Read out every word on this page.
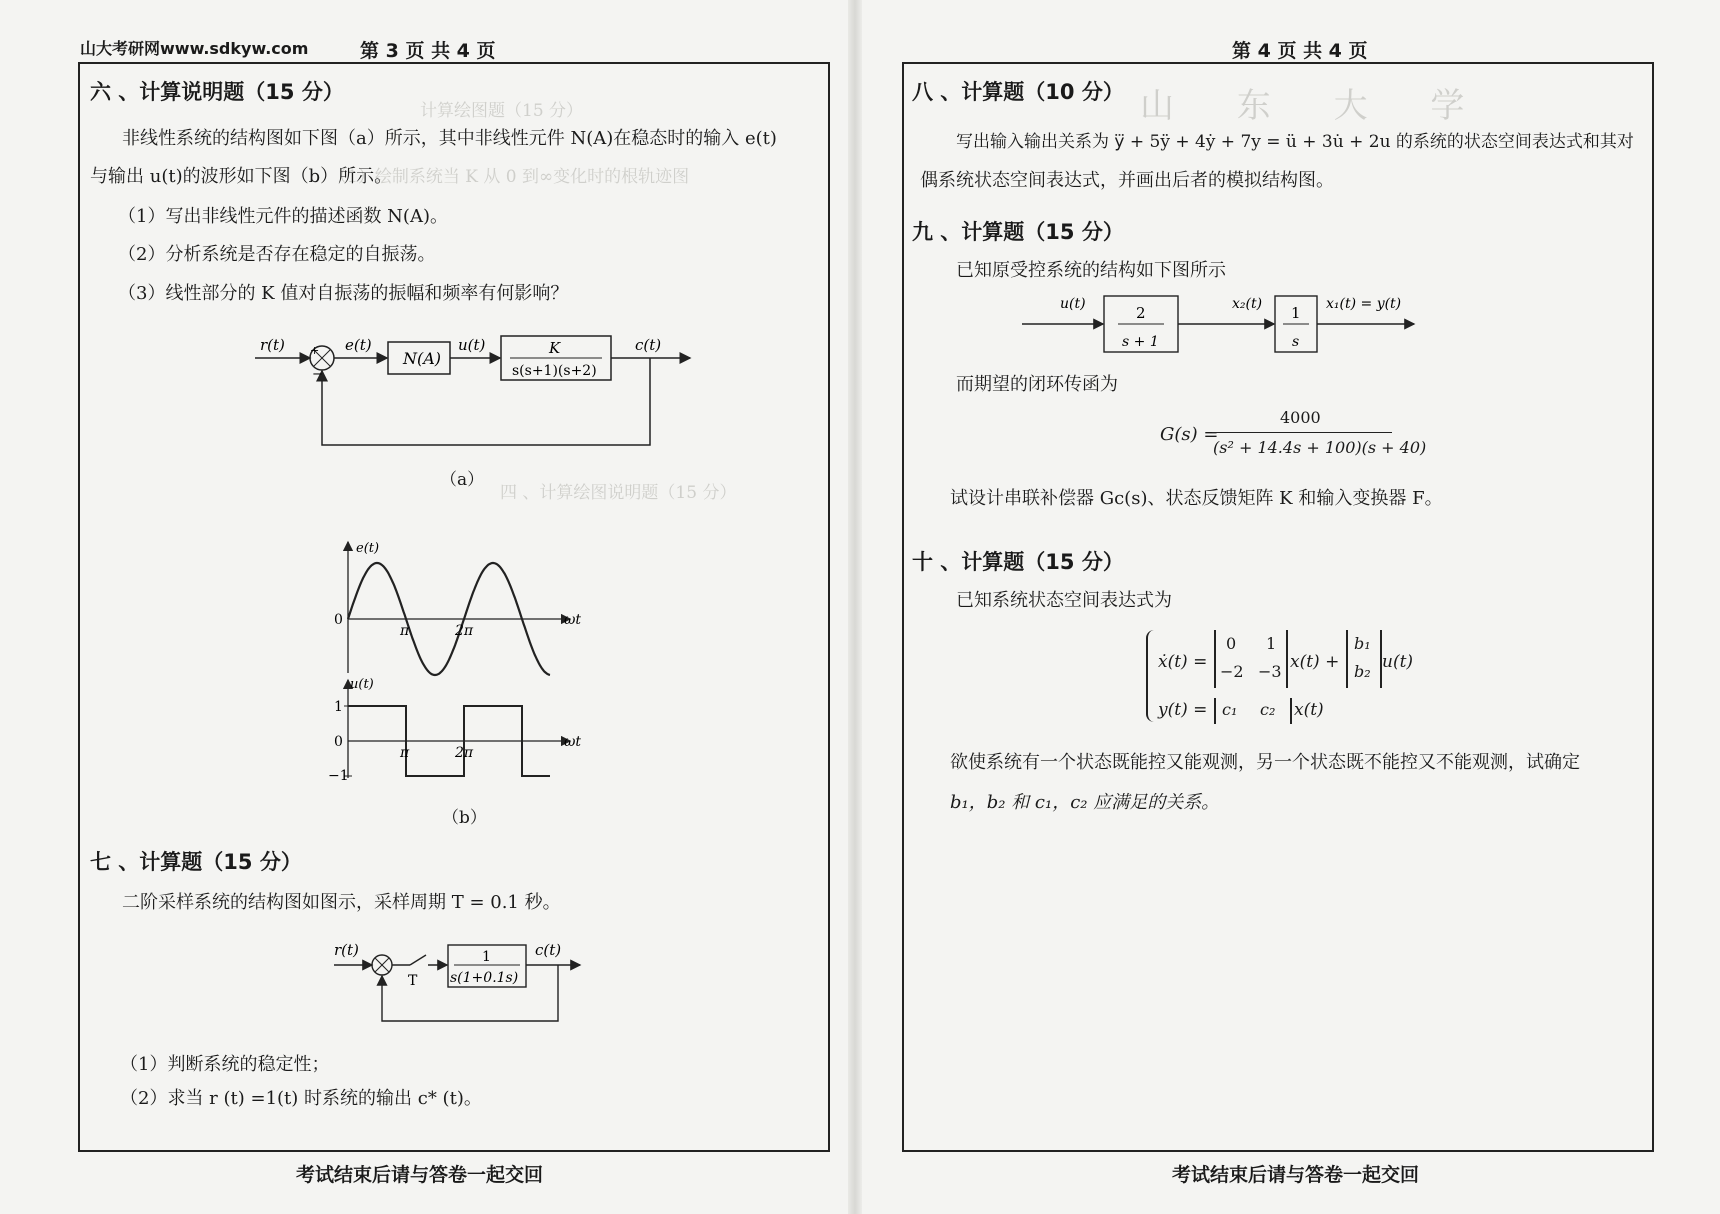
计算绘图题（15 分）
（1）绘制系统当 K 从 0 到∞变化时的根轨迹图
四 、计算绘图说明题（15 分）
山 东 大 学
山大考研网www.sdkyw.com	第 3 页 共 4 页
六 、计算说明题（15 分）
非线性系统的结构图如下图（a）所示，其中非线性元件 N(A)在稳态时的输入 e(t)
与输出 u(t)的波形如下图（b）所示。
（1）写出非线性元件的描述函数 N(A)。
（2）分析系统是否存在稳定的自振荡。
（3）线性部分的 K 值对自振荡的振幅和频率有何影响？
r(t) +
−
e(t)
N(A)
u(t)	K
s(s+1)(s+2)
c(t)
（a）
e(t)
0
π	2π
ωt
u(t)
1
0
−1
π	2π
ωt
（b）
七 、计算题（15 分）
二阶采样系统的结构图如图示，采样周期 T = 0.1 秒。
r(t)
T
1
s(1+0.1s)
c(t)
（1）判断系统的稳定性；
（2）求当 r (t) =1(t) 时系统的输出 c* (t)。
考试结束后请与答卷一起交回
第 4 页 共 4 页
八 、计算题（10 分）
写出输入输出关系为 y⃛ + 5ÿ + 4ẏ + 7y = ü + 3u̇ + 2u 的系统的状态空间表达式和其对
偶系统状态空间表达式，并画出后者的模拟结构图。
九 、计算题（15 分）
已知原受控系统的结构如下图所示
u(t)	2
s + 1
x₂(t) 1
s
x₁(t) = y(t)
而期望的闭环传函为
G(s) =
4000
(s² + 14.4s + 100)(s + 40)
试设计串联补偿器 Gc(s)、状态反馈矩阵 K 和输入变换器 F。
十 、计算题（15 分）
已知系统状态空间表达式为
ẋ(t) =
0 1
−2 −3 x(t) +
b₁
b₂ u(t)
y(t) = c₁ c₂ x(t)
欲使系统有一个状态既能控又能观测，另一个状态既不能控又不能观测，试确定
b₁，b₂ 和 c₁，c₂ 应满足的关系。
考试结束后请与答卷一起交回
